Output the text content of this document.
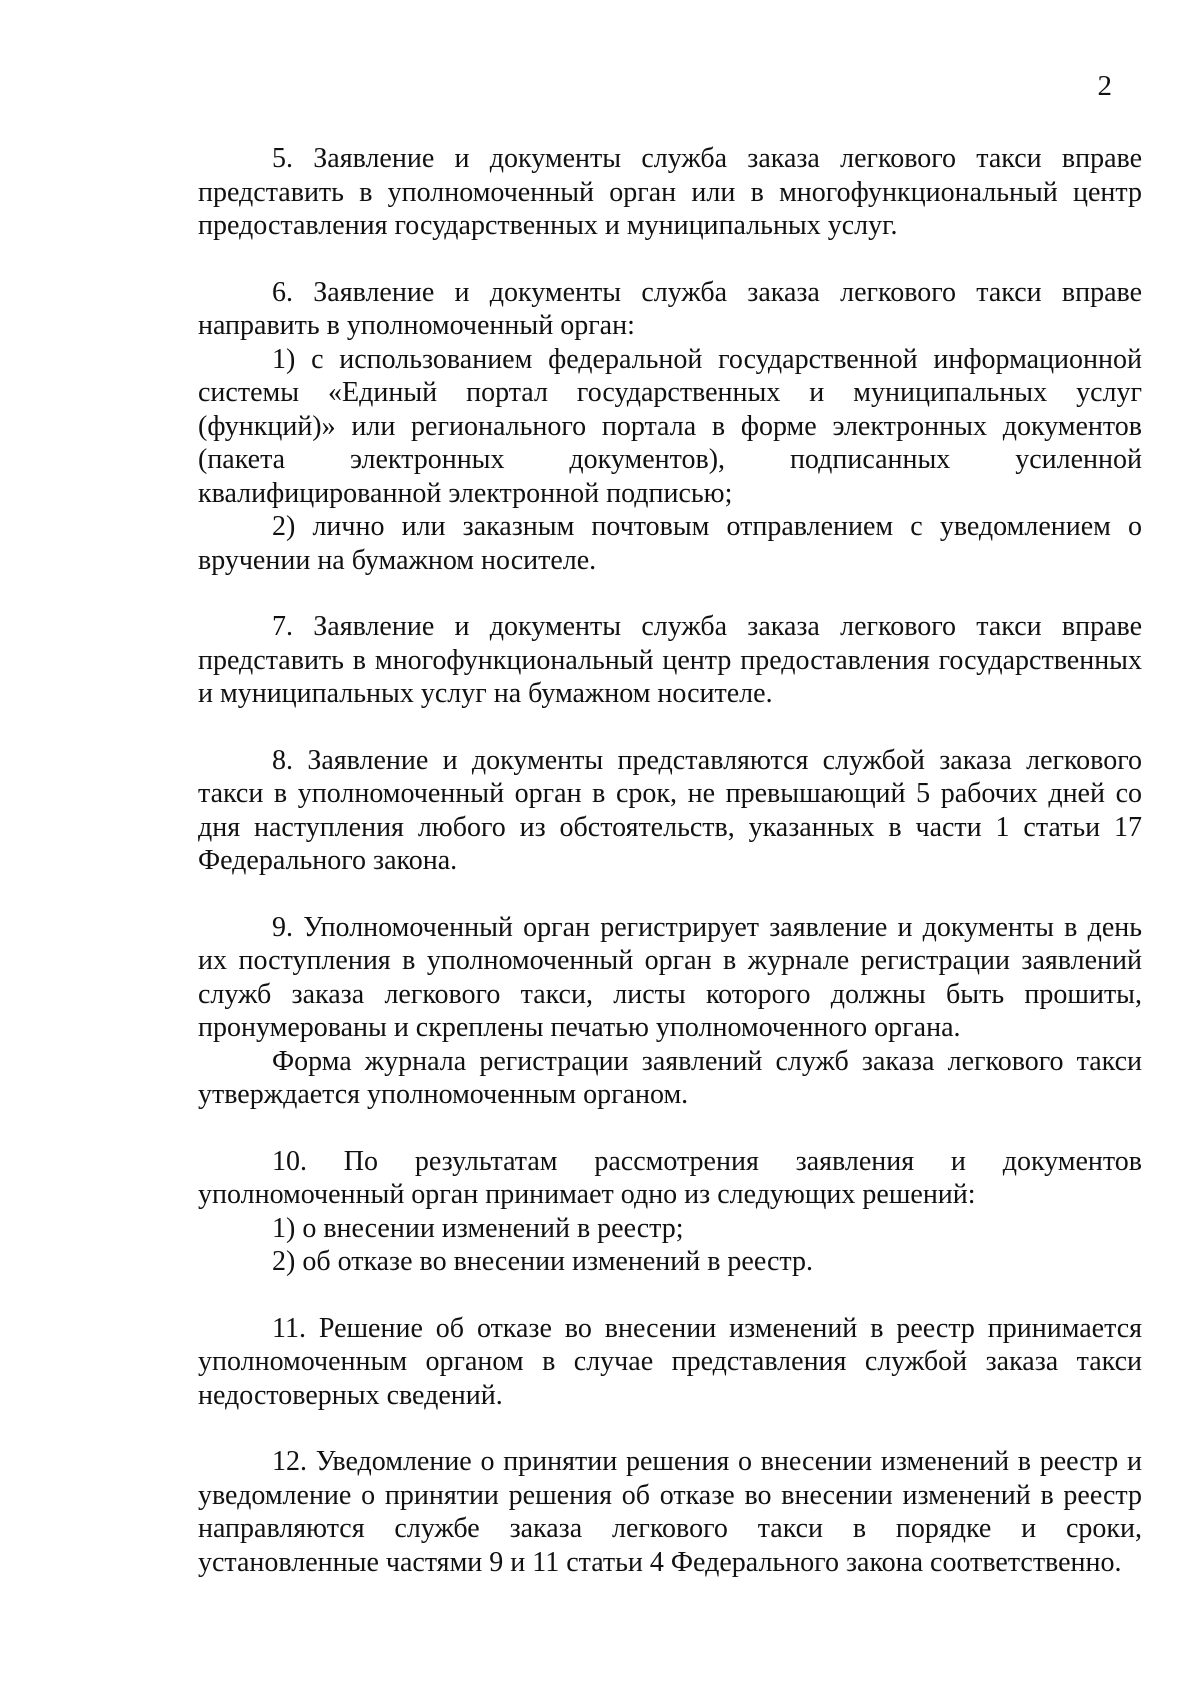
2

5. Заявление и документы служба заказа легкового такси вправе представить в уполномоченный орган или в многофункциональный центр предоставления государственных и муниципальных услуг.

6. Заявление и документы служба заказа легкового такси вправе направить в уполномоченный орган:

1) с использованием федеральной государственной информационной системы «Единый портал государственных и муниципальных услуг (функций)» или регионального портала в форме электронных документов (пакета электронных документов), подписанных усиленной квалифицированной электронной подписью;

2) лично или заказным почтовым отправлением с уведомлением о вручении на бумажном носителе.

7. Заявление и документы служба заказа легкового такси вправе представить в многофункциональный центр предоставления государственных и муниципальных услуг на бумажном носителе.

8. Заявление и документы представляются службой заказа легкового такси в уполномоченный орган в срок, не превышающий 5 рабочих дней со дня наступления любого из обстоятельств, указанных в части 1 статьи 17 Федерального закона.

9. Уполномоченный орган регистрирует заявление и документы в день их поступления в уполномоченный орган в журнале регистрации заявлений служб заказа легкового такси, листы которого должны быть прошиты, пронумерованы и скреплены печатью уполномоченного органа.

Форма журнала регистрации заявлений служб заказа легкового такси утверждается уполномоченным органом.

10. По результатам рассмотрения заявления и документов уполномоченный орган принимает одно из следующих решений:

1) о внесении изменений в реестр;

2) об отказе во внесении изменений в реестр.

11. Решение об отказе во внесении изменений в реестр принимается уполномоченным органом в случае представления службой заказа такси недостоверных сведений.

12. Уведомление о принятии решения о внесении изменений в реестр и уведомление о принятии решения об отказе во внесении изменений в реестр направляются службе заказа легкового такси в порядке и сроки, установленные частями 9 и 11 статьи 4 Федерального закона соответственно.
